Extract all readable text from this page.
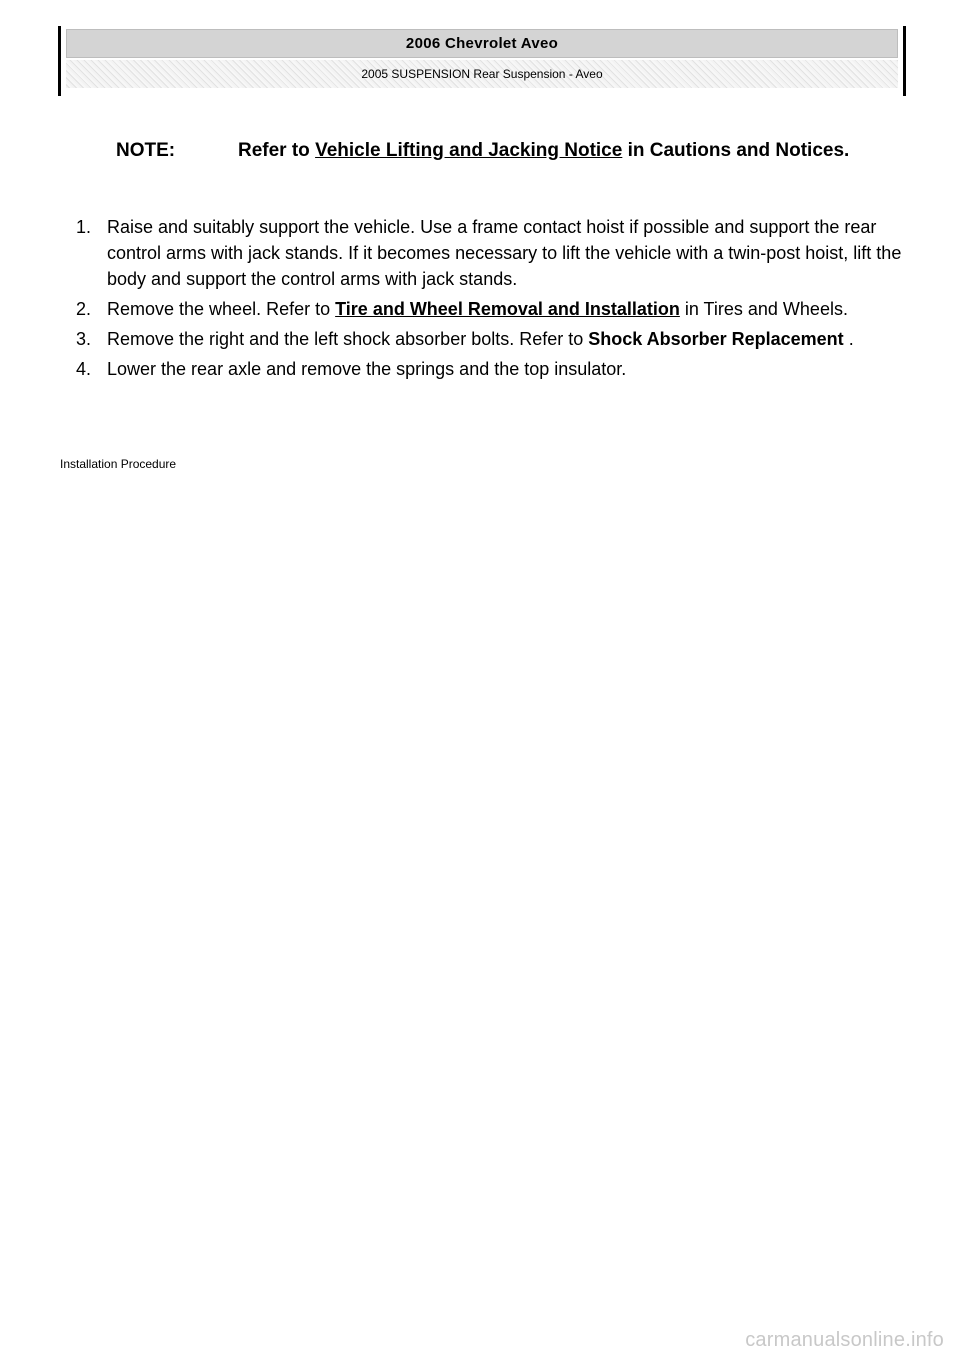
2006 Chevrolet Aveo
2005 SUSPENSION Rear Suspension - Aveo
NOTE:	Refer to Vehicle Lifting and Jacking Notice in Cautions and Notices.
1. Raise and suitably support the vehicle. Use a frame contact hoist if possible and support the rear control arms with jack stands. If it becomes necessary to lift the vehicle with a twin-post hoist, lift the body and support the control arms with jack stands.
2. Remove the wheel. Refer to Tire and Wheel Removal and Installation in Tires and Wheels.
3. Remove the right and the left shock absorber bolts. Refer to Shock Absorber Replacement .
4. Lower the rear axle and remove the springs and the top insulator.
Installation Procedure
carmanualsonline.info
